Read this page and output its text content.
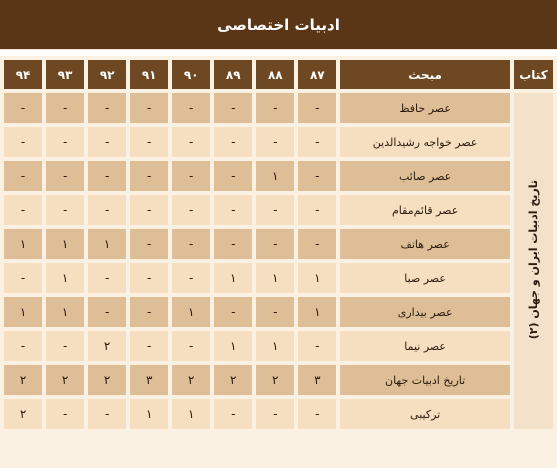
ادبیات اختصاصی
کتاب	مبحث	۸۷	۸۸	۸۹	۹۰	۹۱	۹۲	۹۳	۹۴
تاریخ ادبیات ایران و جهان (۲)	عصر حافظ	-	-	-	-	-	-	-	-
	عصر خواجه رشیدالدین	-	-	-	-	-	-	-	-
	عصر صائب	-	۱	-	-	-	-	-	-
	عصر قائم‌مقام	-	-	-	-	-	-	-	-
	عصر هاتف	-	-	-	-	-	۱	۱	۱
	عصر صبا	۱	۱	۱	-	-	-	۱	-
	عصر بیداری	۱	-	-	۱	-	-	۱	۱
	عصر نیما	-	۱	۱	-	-	۲	-	-
	تاریخ ادبیات جهان	۳	۲	۲	۲	۳	۲	۲	۲
	ترکیبی	-	-	-	۱	۱	-	-	۲
